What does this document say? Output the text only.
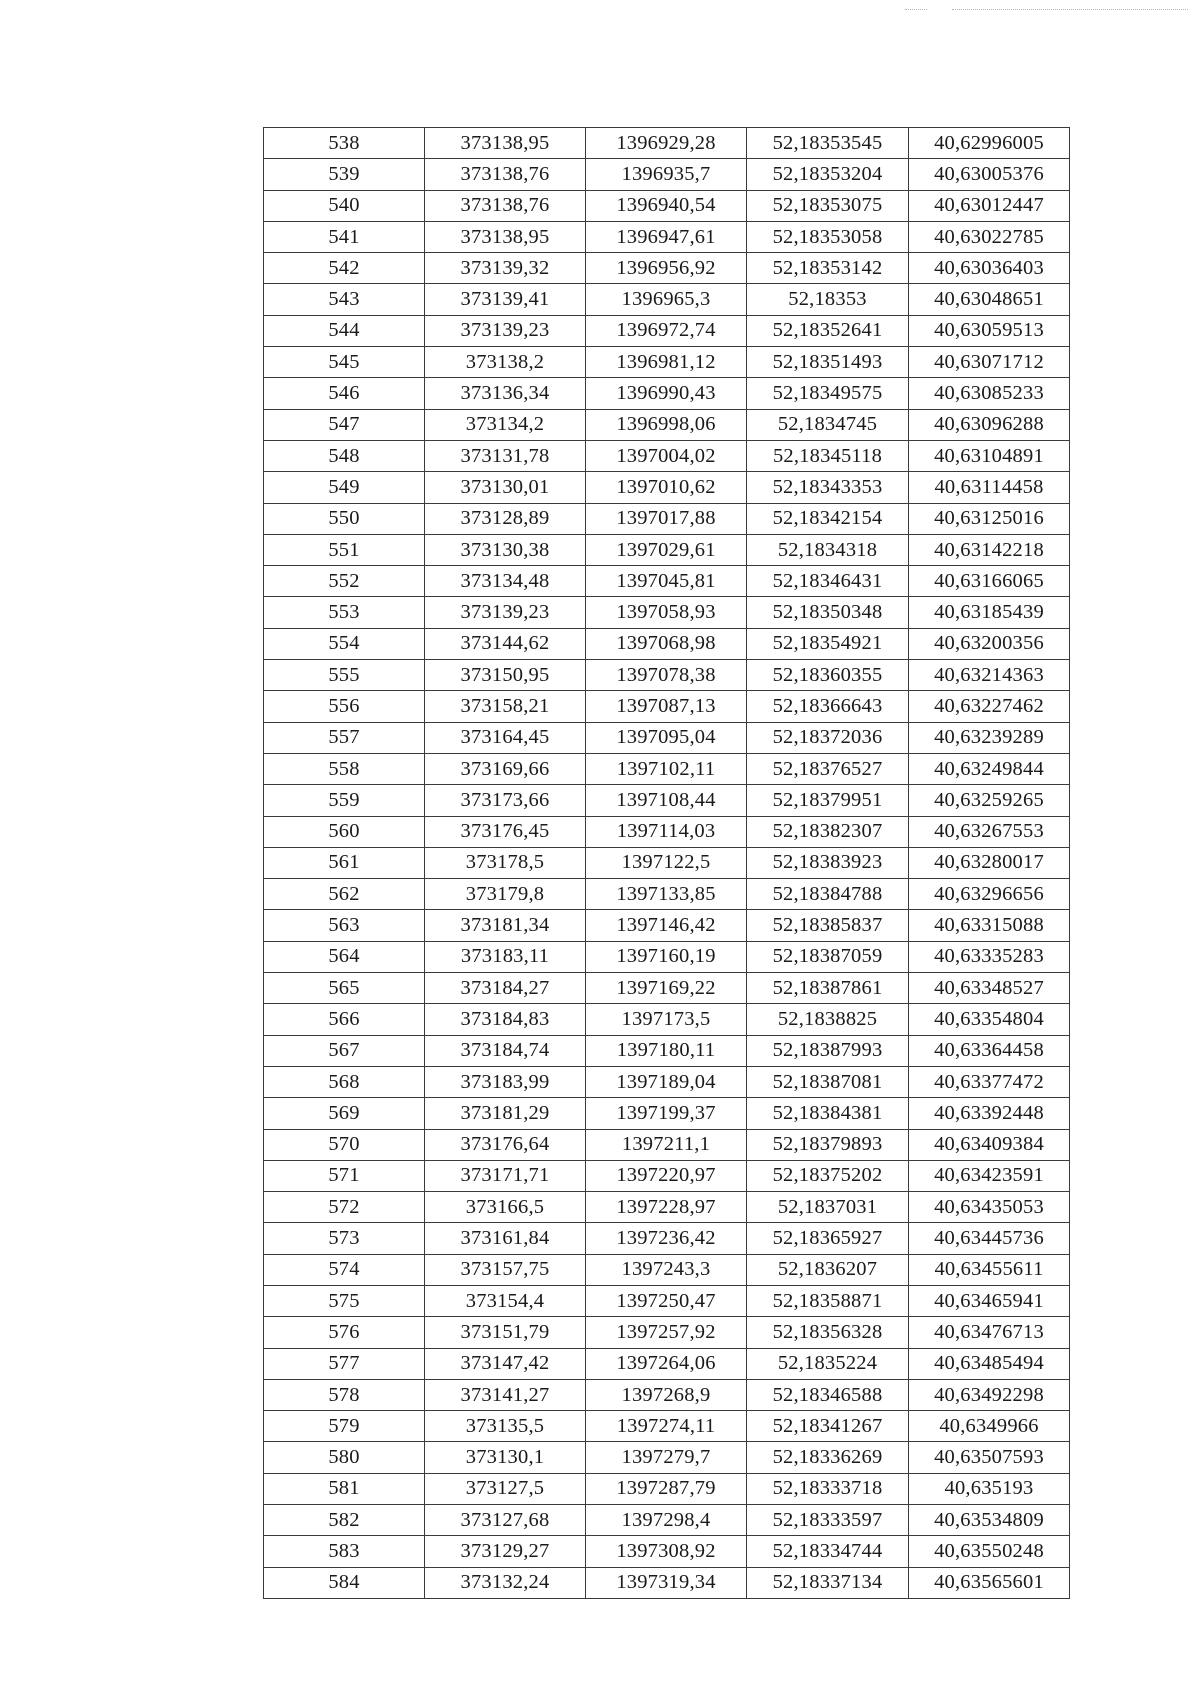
538	373138,95	1396929,28	52,18353545	40,62996005
539	373138,76	1396935,7	52,18353204	40,63005376
540	373138,76	1396940,54	52,18353075	40,63012447
541	373138,95	1396947,61	52,18353058	40,63022785
542	373139,32	1396956,92	52,18353142	40,63036403
543	373139,41	1396965,3	52,18353	40,63048651
544	373139,23	1396972,74	52,18352641	40,63059513
545	373138,2	1396981,12	52,18351493	40,63071712
546	373136,34	1396990,43	52,18349575	40,63085233
547	373134,2	1396998,06	52,1834745	40,63096288
548	373131,78	1397004,02	52,18345118	40,63104891
549	373130,01	1397010,62	52,18343353	40,63114458
550	373128,89	1397017,88	52,18342154	40,63125016
551	373130,38	1397029,61	52,1834318	40,63142218
552	373134,48	1397045,81	52,18346431	40,63166065
553	373139,23	1397058,93	52,18350348	40,63185439
554	373144,62	1397068,98	52,18354921	40,63200356
555	373150,95	1397078,38	52,18360355	40,63214363
556	373158,21	1397087,13	52,18366643	40,63227462
557	373164,45	1397095,04	52,18372036	40,63239289
558	373169,66	1397102,11	52,18376527	40,63249844
559	373173,66	1397108,44	52,18379951	40,63259265
560	373176,45	1397114,03	52,18382307	40,63267553
561	373178,5	1397122,5	52,18383923	40,63280017
562	373179,8	1397133,85	52,18384788	40,63296656
563	373181,34	1397146,42	52,18385837	40,63315088
564	373183,11	1397160,19	52,18387059	40,63335283
565	373184,27	1397169,22	52,18387861	40,63348527
566	373184,83	1397173,5	52,1838825	40,63354804
567	373184,74	1397180,11	52,18387993	40,63364458
568	373183,99	1397189,04	52,18387081	40,63377472
569	373181,29	1397199,37	52,18384381	40,63392448
570	373176,64	1397211,1	52,18379893	40,63409384
571	373171,71	1397220,97	52,18375202	40,63423591
572	373166,5	1397228,97	52,1837031	40,63435053
573	373161,84	1397236,42	52,18365927	40,63445736
574	373157,75	1397243,3	52,1836207	40,63455611
575	373154,4	1397250,47	52,18358871	40,63465941
576	373151,79	1397257,92	52,18356328	40,63476713
577	373147,42	1397264,06	52,1835224	40,63485494
578	373141,27	1397268,9	52,18346588	40,63492298
579	373135,5	1397274,11	52,18341267	40,6349966
580	373130,1	1397279,7	52,18336269	40,63507593
581	373127,5	1397287,79	52,18333718	40,635193
582	373127,68	1397298,4	52,18333597	40,63534809
583	373129,27	1397308,92	52,18334744	40,63550248
584	373132,24	1397319,34	52,18337134	40,63565601
